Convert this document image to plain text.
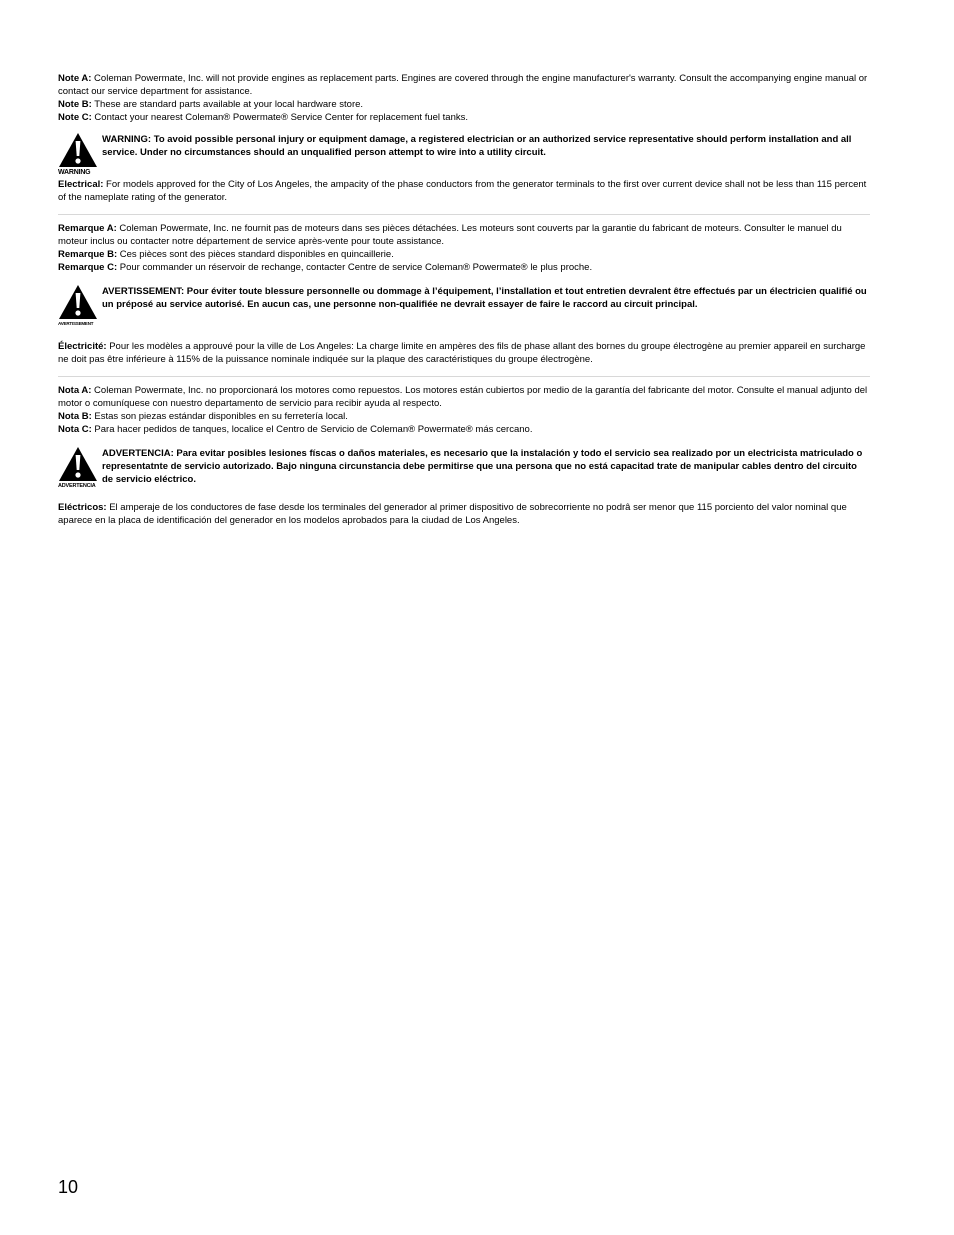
Note A: Coleman Powermate, Inc. will not provide engines as replacement parts. Engines are covered through the engine manufacturer's warranty. Consult the accompanying engine manual or contact our service department for assistance.
Note B: These are standard parts available at your local hardware store.
Note C: Contact your nearest Coleman® Powermate® Service Center for replacement fuel tanks.
WARNING
WARNING: To avoid possible personal injury or equipment damage, a registered electrician or an authorized service representative should perform installation and all service. Under no circumstances should an unqualified person attempt to wire into a utility circuit.
Electrical: For models approved for the City of Los Angeles, the ampacity of the phase conductors from the generator terminals to the first over current device shall not be less than 115 percent of the nameplate rating of the generator.
Remarque A: Coleman Powermate, Inc. ne fournit pas de moteurs dans ses pièces détachées. Les moteurs sont couverts par la garantie du fabricant de moteurs. Consulter le manuel du moteur inclus ou contacter notre département de service après-vente pour toute assistance.
Remarque B: Ces pièces sont des pièces standard disponibles en quincaillerie.
Remarque C: Pour commander un réservoir de rechange, contacter Centre de service Coleman® Powermate® le plus proche.
AVERTISSEMENT
AVERTISSEMENT: Pour éviter toute blessure personnelle ou dommage à l’équipement, l’installation et tout entretien devralent être effectués par un électricien qualifié ou un préposé au service autorisé. En aucun cas, une personne non-qualifiée ne devrait essayer de faire le raccord au circuit principal.
Électricité: Pour les modèles a approuvé pour la ville de Los Angeles: La charge limite en ampères des fils de phase allant des bornes du groupe électrogène au premier appareil en surcharge ne doit pas être inférieure à 115% de la puissance nominale indiquée sur la plaque des caractéristiques du groupe électrogène.
Nota A: Coleman Powermate, Inc. no proporcionará los motores como repuestos. Los motores están cubiertos por medio de la garantía del fabricante del motor. Consulte el manual adjunto del motor o comuníquese con nuestro departamento de servicio para recibir ayuda al respecto.
Nota B: Estas son piezas estándar disponibles en su ferretería local.
Nota C: Para hacer pedidos de tanques, localice el Centro de Servicio de Coleman® Powermate® más cercano.
ADVERTENCIA
ADVERTENCIA: Para evitar posibles lesiones físcas o daños materiales, es necesario que la instalación y todo el servicio sea realizado por un electricista matriculado o representatnte de servicio autorizado. Bajo ninguna circunstancia debe permitirse que una persona que no está capacitad trate de manipular cables dentro del circuito de servicio eléctrico.
Eléctricos: El amperaje de los conductores de fase desde los terminales del generador al primer dispositivo de sobrecorriente no podrâ ser menor que 115 porciento del valor nominal que aparece en la placa de identificación del generador en los modelos aprobados para la ciudad de Los Angeles.
10
